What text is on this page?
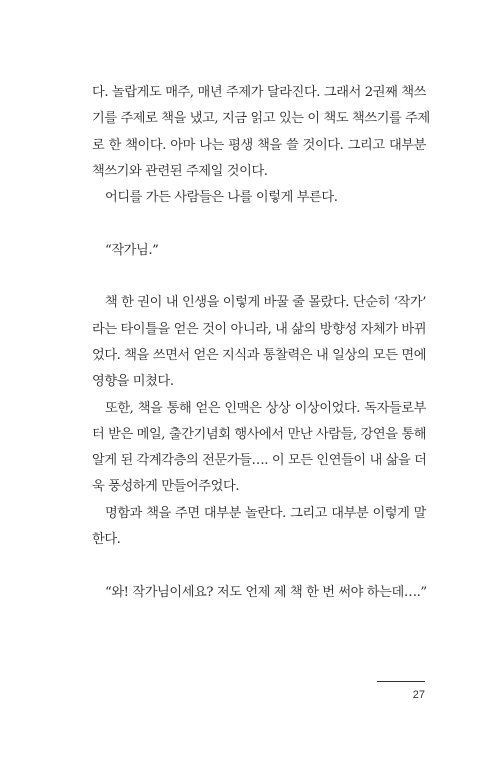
다. 놀랍게도 매주, 매년 주제가 달라진다. 그래서 2권째 책쓰
기를 주제로 책을 냈고, 지금 읽고 있는 이 책도 책쓰기를 주제
로 한 책이다. 아마 나는 평생 책을 쓸 것이다. 그리고 대부분
책쓰기와 관련된 주제일 것이다.
어디를 가든 사람들은 나를 이렇게 부른다.
“작가님.”
책 한 권이 내 인생을 이렇게 바꿀 줄 몰랐다. 단순히 ‘작가’
라는 타이틀을 얻은 것이 아니라, 내 삶의 방향성 자체가 바뀌
었다. 책을 쓰면서 얻은 지식과 통찰력은 내 일상의 모든 면에
영향을 미쳤다.
또한, 책을 통해 얻은 인맥은 상상 이상이었다. 독자들로부
터 받은 메일, 출간기념회 행사에서 만난 사람들, 강연을 통해
알게 된 각계각층의 전문가들…. 이 모든 인연들이 내 삶을 더
욱 풍성하게 만들어주었다.
명함과 책을 주면 대부분 놀란다. 그리고 대부분 이렇게 말
한다.
“와! 작가님이세요? 저도 언제 제 책 한 번 써야 하는데….”
27
